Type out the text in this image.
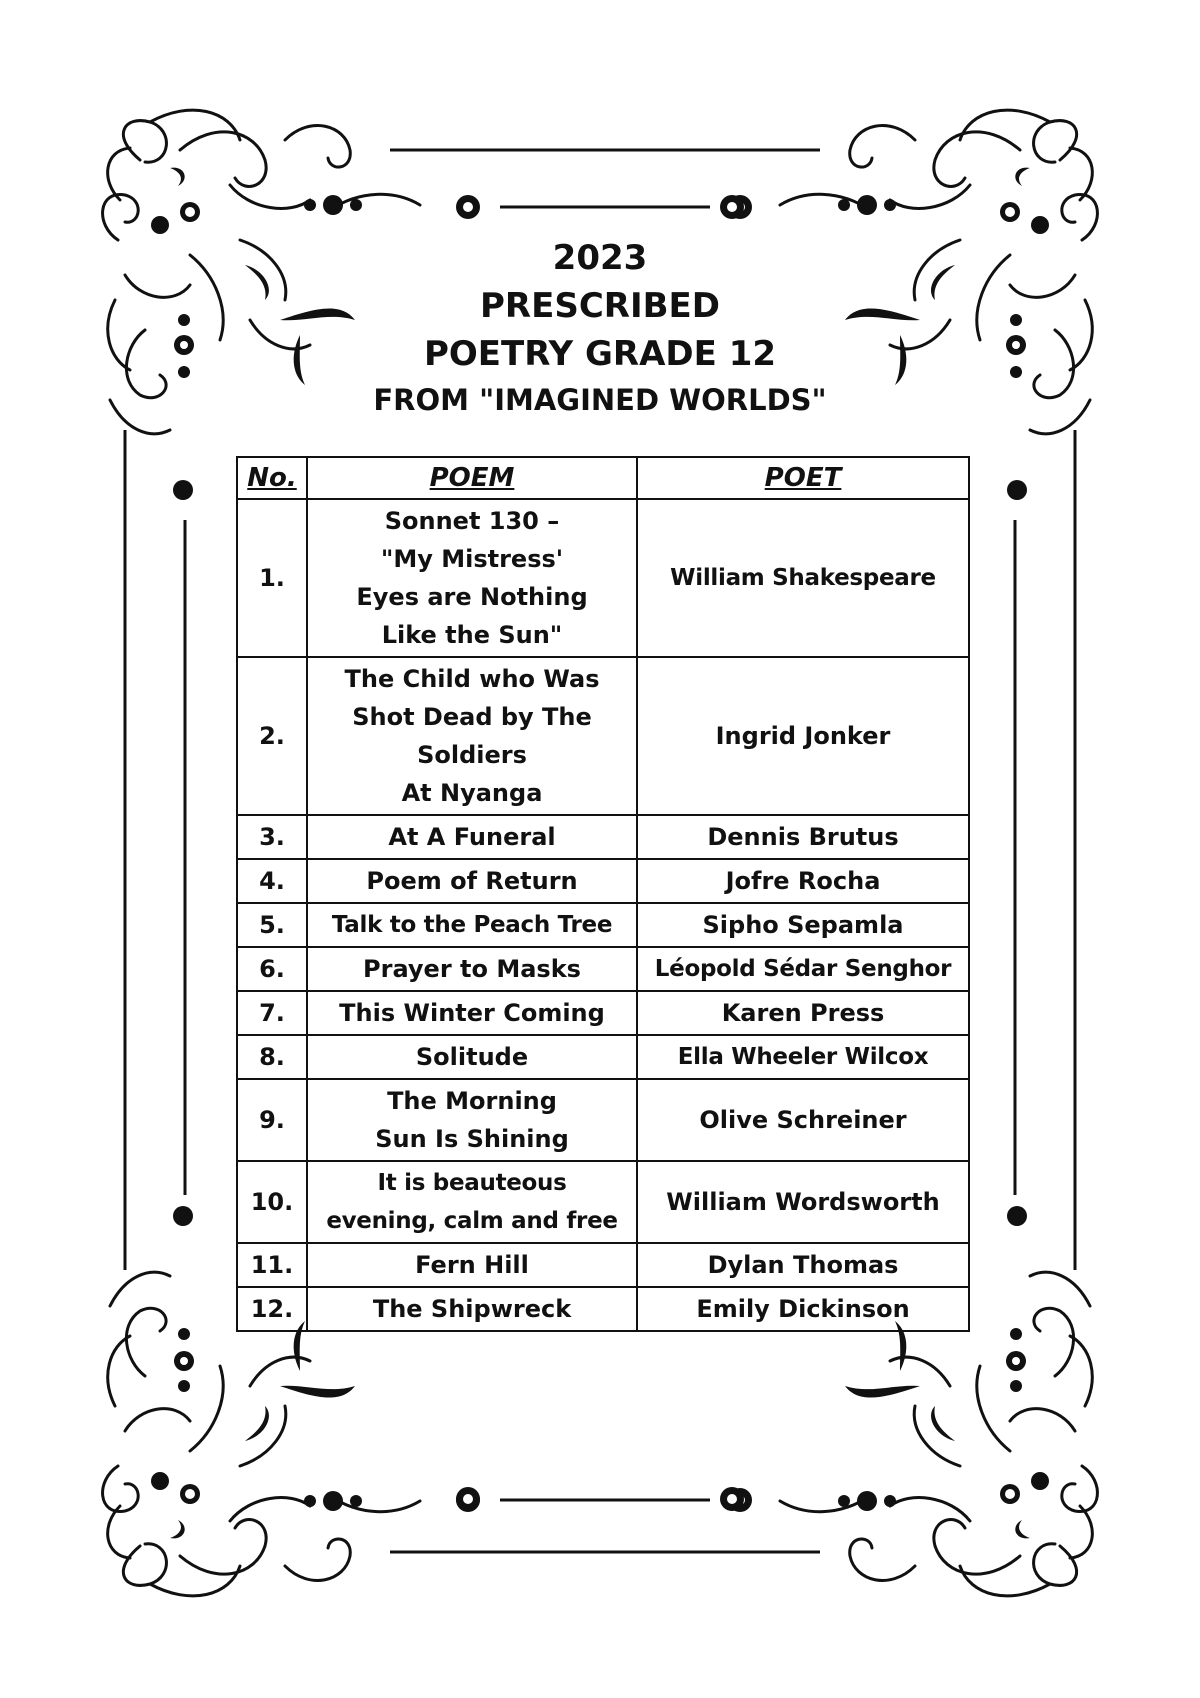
2023
PRESCRIBED
POETRY GRADE 12
FROM "IMAGINED WORLDS"
No.	POEM	POET
1.	Sonnet 130 –
"My Mistress'
Eyes are Nothing
Like the Sun"	William Shakespeare
2.	The Child who Was
Shot Dead by The
Soldiers
At Nyanga	Ingrid Jonker
3.	At A Funeral	Dennis Brutus
4.	Poem of Return	Jofre Rocha
5.	Talk to the Peach Tree	Sipho Sepamla
6.	Prayer to Masks	Léopold Sédar Senghor
7.	This Winter Coming	Karen Press
8.	Solitude	Ella Wheeler Wilcox
9.	The Morning
Sun Is Shining	Olive Schreiner
10.	It is beauteous
evening, calm and free	William Wordsworth
11.	Fern Hill	Dylan Thomas
12.	The Shipwreck	Emily Dickinson
